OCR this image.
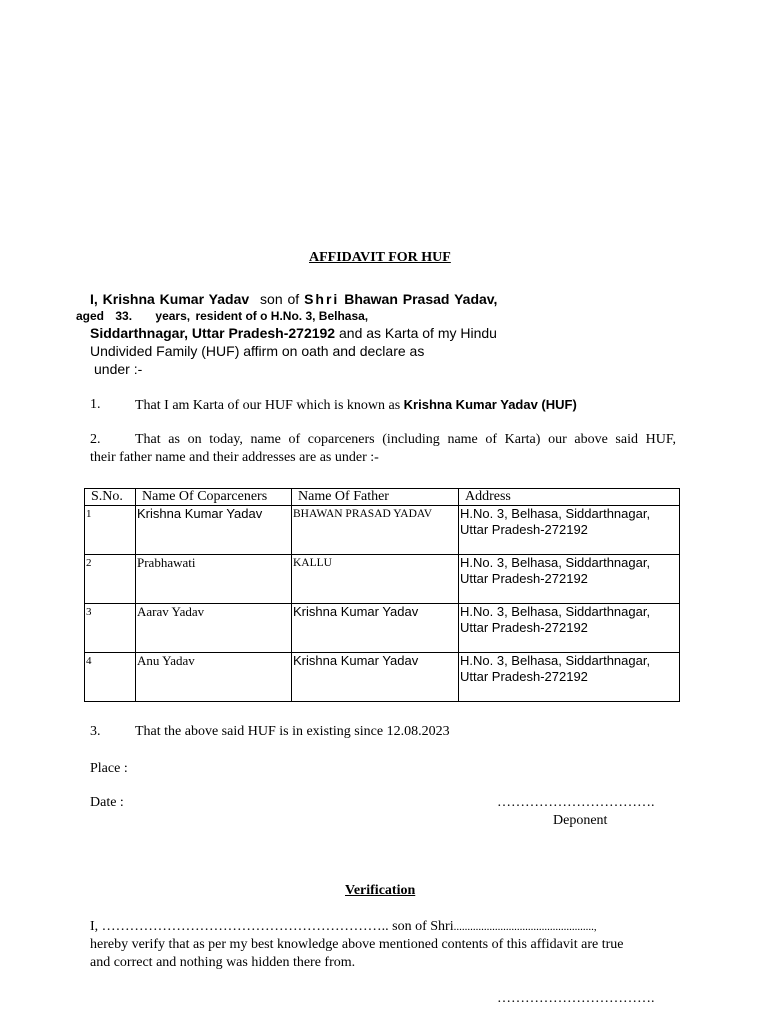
AFFIDAVIT FOR HUF
I, Krishna Kumar Yadav son of Shri Bhawan Prasad Yadav,
aged 33. years, resident of o H.No. 3, Belhasa,
Siddarthnagar, Uttar Pradesh-272192 and as Karta of my Hindu
Undivided Family (HUF) affirm on oath and declare as
under :-
1. That I am Karta of our HUF which is known as Krishna Kumar Yadav (HUF)
2. That as on today, name of coparceners (including name of Karta) our above said HUF,
their father name and their addresses are as under :-
S.No.	Name Of Coparceners	Name Of Father	Address
1	Krishna Kumar Yadav	BHAWAN PRASAD YADAV	H.No. 3, Belhasa, Siddarthnagar, Uttar Pradesh-272192
2	Prabhawati	KALLU	H.No. 3, Belhasa, Siddarthnagar, Uttar Pradesh-272192
3	Aarav Yadav	Krishna Kumar Yadav	H.No. 3, Belhasa, Siddarthnagar, Uttar Pradesh-272192
4	Anu Yadav	Krishna Kumar Yadav	H.No. 3, Belhasa, Siddarthnagar, Uttar Pradesh-272192
3. That the above said HUF is in existing since 12.08.2023
Place :
Date :	…………………………….
Deponent
Verification
I, …………………………………………………….. son of Shri...................................................,
hereby verify that as per my best knowledge above mentioned contents of this affidavit are true
and correct and nothing was hidden there from.
…………………………….
